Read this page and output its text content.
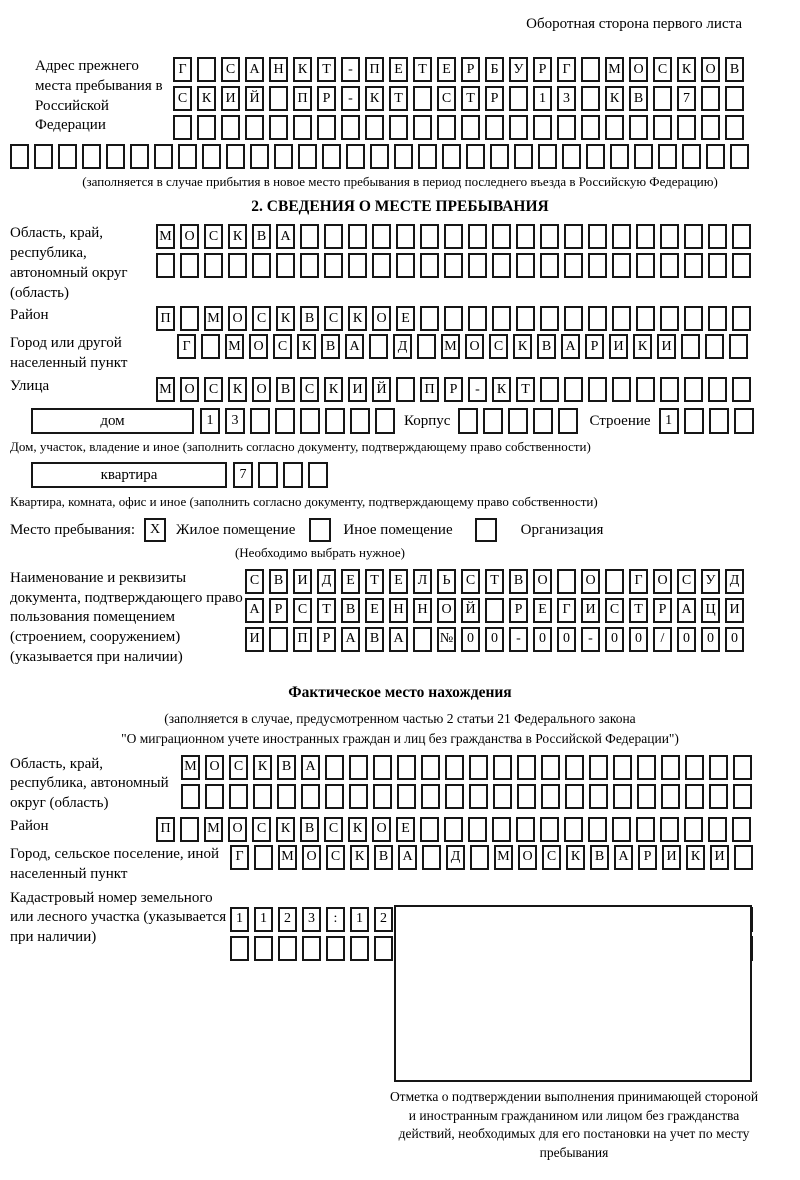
Оборотная сторона первого листа
Адрес прежнего места пребывания в Российской Федерации
Г	С	А Н	К	Т	-	П	Е	Т	Е	Р	Б	У	Р	Г	М О	С	К	О	В
С	К	И Й	П	Р	-	К	Т	С	Т	Р	1	3	К	В	7
(заполняется в случае прибытия в новое место пребывания в период последнего въезда в Российскую Федерацию)
2. СВЕДЕНИЯ О МЕСТЕ ПРЕБЫВАНИЯ
Область, край, республика, автономный округ (область)
М О	С	К	В	А
Район	П	М О	С	К	В	С	К	О	Е
Город или другой населенный пункт
Г	М О	С	К	В	А	Д	М О	С	К	В	А	Р	И	К	И
Улица	М О	С	К	О	В	С	К	И Й	П	Р	-	К	Т
дом	1	3	Корпус	Строение	1
Дом, участок, владение и иное (заполнить согласно документу, подтверждающему право собственности)
квартира	7
Квартира, комната, офис и иное (заполнить согласно документу, подтверждающему право собственности)
Место пребывания:	X	Жилое помещение	Иное помещение	Организация
(Необходимо выбрать нужное)
Наименование и реквизиты документа, подтверждающего право пользования помещением (строением, сооружением) (указывается при наличии)
С	В	И	Д	Е	Т	Е	Л	Ь	С	Т	В	О	О	Г	О	С	У	Д
А	Р	С	Т	В	Е	Н Н О Й	Р	Е	Г	И	С	Т	Р	А Ц И
И	П	Р	А	В	А	№ 0	0	-	0	0	-	0	0	/	0	0	0
Фактическое место нахождения
(заполняется в случае, предусмотренном частью 2 статьи 21 Федерального закона
"О миграционном учете иностранных граждан и лиц без гражданства в Российской Федерации")
Область, край, республика, автономный округ (область)
М О	С	К	В	А
Район	П	М О	С	К	В	С	К	О	Е
Город, сельское поселение, иной населенный пункт
Г	М О	С	К	В	А	Д	М О	С	К	В	А	Р	И	К	И
Кадастровый номер земельного или лесного участка (указывается при наличии)
1	1	2	3	:	1	2
Отметка о подтверждении выполнения принимающей стороной и иностранным гражданином или лицом без гражданства действий, необходимых для его постановки на учет по месту пребывания
